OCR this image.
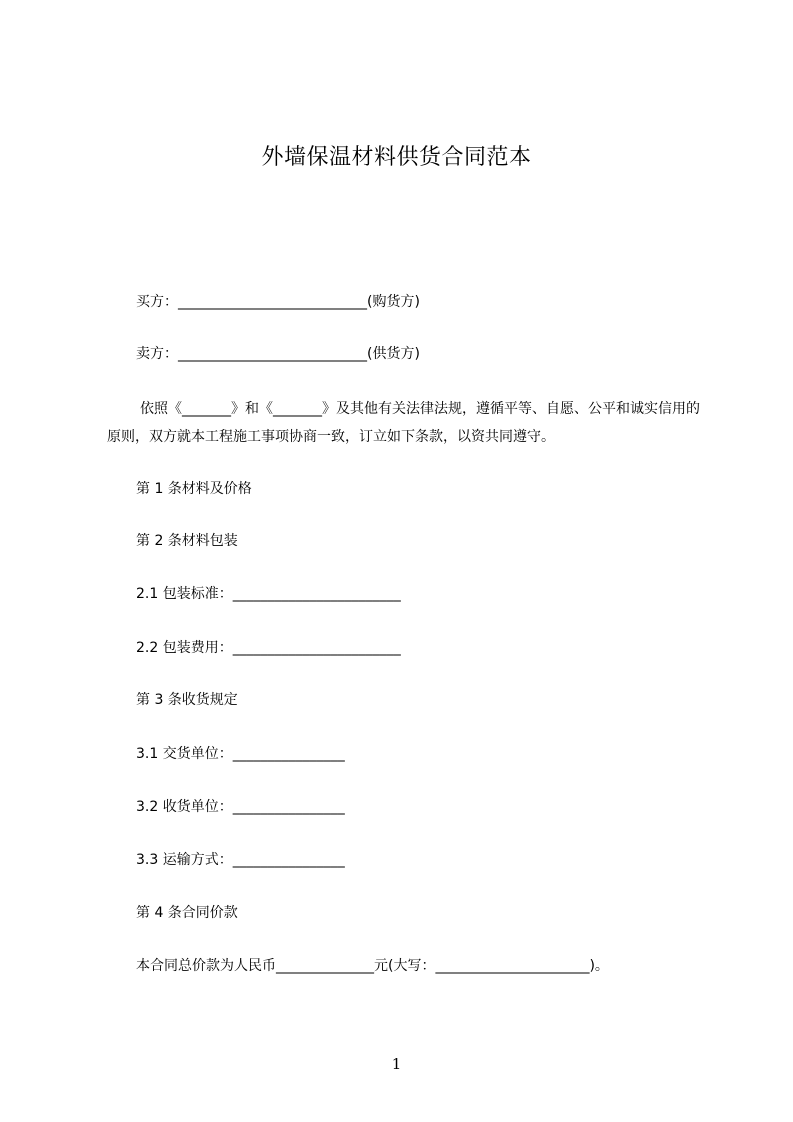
外墙保温材料供货合同范本
买方：___________________________(购货方)
卖方：___________________________(供货方)
依照《_______》和《_______》及其他有关法律法规，遵循平等、自愿、公平和诚实信用的原则，双方就本工程施工事项协商一致，订立如下条款，以资共同遵守。
第 1 条材料及价格
第 2 条材料包装
2.1 包装标准：________________________
2.2 包装费用：________________________
第 3 条收货规定
3.1 交货单位：________________
3.2 收货单位：________________
3.3 运输方式：________________
第 4 条合同价款
本合同总价款为人民币______________元(大写：______________________)。
1
